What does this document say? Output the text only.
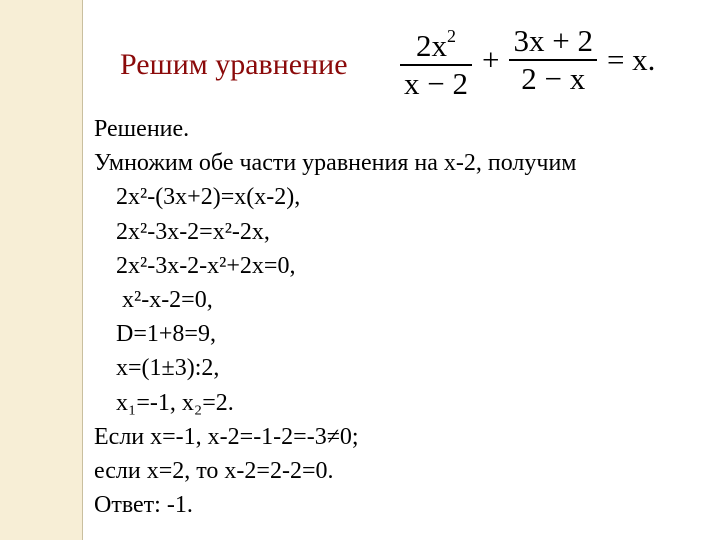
Решим уравнение $\frac{2x^2}{x - 2} + \frac{3x + 2}{2 - x} = x$.
Решение.
Умножим обе части уравнения на х-2, получим
2х²-(3х+2)=х(х-2),
2х²-3х-2=х²-2х,
2х²-3х-2-х²+2х=0,
х²-х-2=0,
D=1+8=9,
х=(1±3):2,
х₁=-1, х₂=2.
Если х=-1, х-2=-1-2=-3≠0;
если х=2, то х-2=2-2=0.
Ответ: -1.
